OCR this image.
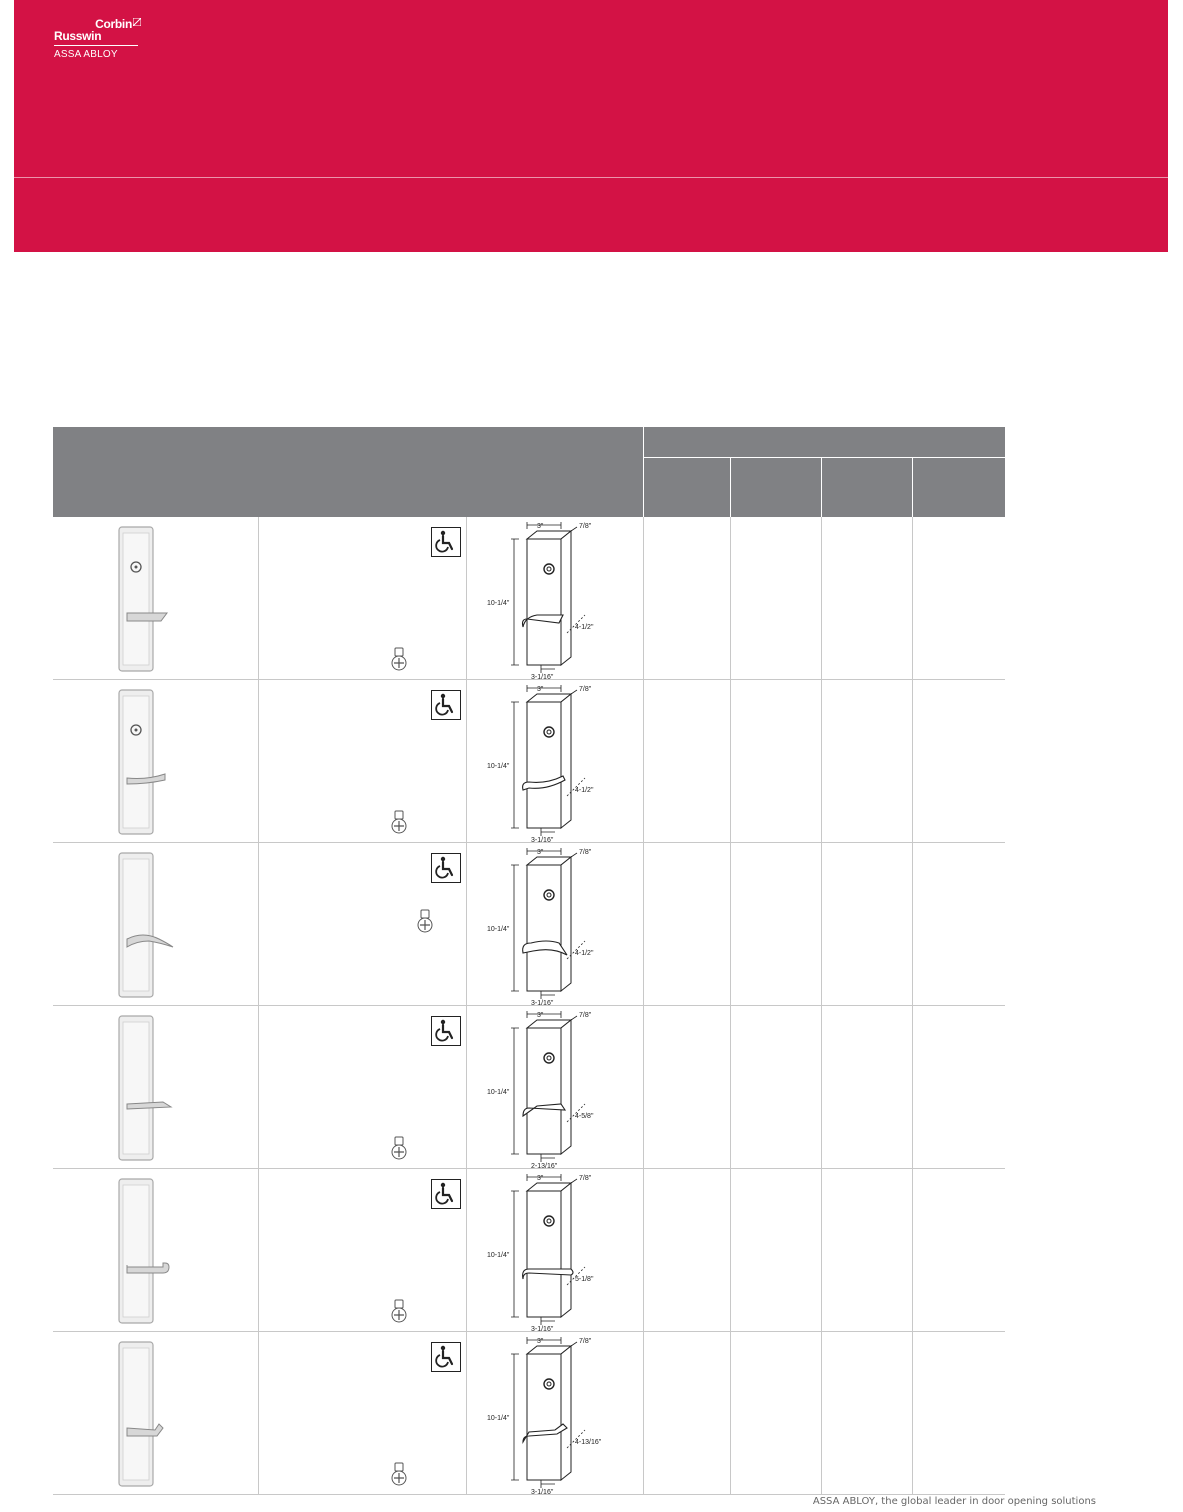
Corbin
Russwin
ASSA ABLOY
3"	7/8"
10-1/4"
4-1/2"
3-1/16"
3"	7/8"
10-1/4"
4-1/2"
3-1/16"
3"	7/8"
10-1/4"
4-1/2"
3-1/16"
3"	7/8"
10-1/4"
4-5/8"
2-13/16"
3"	7/8"
10-1/4"
5-1/8"
3-1/16"
3"	7/8"
10-1/4"
4-13/16"
3-1/16"
ASSA ABLOY, the global leader in door opening solutions
